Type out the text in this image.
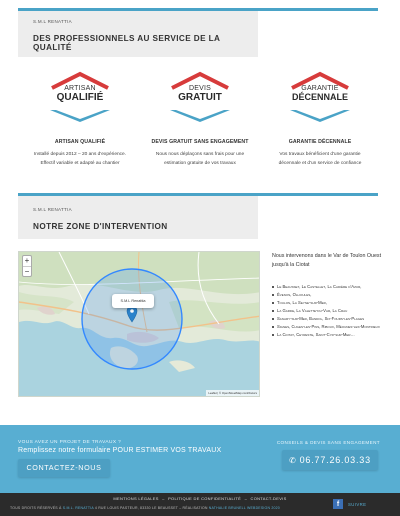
S.M.L RENATTIA
DES PROFESSIONNELS AU SERVICE DE LA QUALITÉ
ARTISAN
QUALIFIÉ
ARTISAN QUALIFIÉ
Installé depuis 2012 – 20 ans d'expérience.
Effectif variable et adapté au chantier
DEVIS
GRATUIT
DEVIS GRATUIT SANS ENGAGEMENT
Nous nous déplaçons sans frais pour une
estimation gratuite de vos travaux
GARANTIE
DÉCENNALE
GARANTIE DÉCENNALE
Vos travaux bénéficient d'une garantie
décennale et d'un service de confiance
S.M.L RENATTIA
NOTRE ZONE D'INTERVENTION
+
−
Leaflet | © OpenStreetMap contributors
S.M.L Renattia
Nous intervenons dans le Var de Toulon Ouest jusqu'à la Ciotat
Le Beausset, Le Castellet, La Cadière d'Azur,
Évenos, Ollioules,
Toulon, La Seyne-sur-Mer,
La Garde, La Valette-du-Var, La Crau
Sanary-sur-Mer, Bandol, Six-Fours-les-Plages
Signes, Cuges-les-Pins, Riboux, Méounes-les-Montrieux
La Ciotat, Ceyreste, Saint-Cyr-sur-Mer…
VOUS AVEZ UN PROJET DE TRAVAUX ?
Remplissez notre formulaire POUR ESTIMER VOS TRAVAUX
CONSEILS & DEVIS SANS ENGAGEMENT
CONTACTEZ-NOUS
✆ 06.77.26.03.33
MENTIONS LÉGALES – POLITIQUE DE CONFIDENTIALITÉ – CONTACT-DEVIS
TOUS DROITS RÉSERVÉS À S.M.L. RENATTIA 4 RUE LOUIS PASTEUR, 83330 LE BEAUSSET – RÉALISATION NATHALIE BRUNELL WEBDESIGN 2020	f	SUIVRE
